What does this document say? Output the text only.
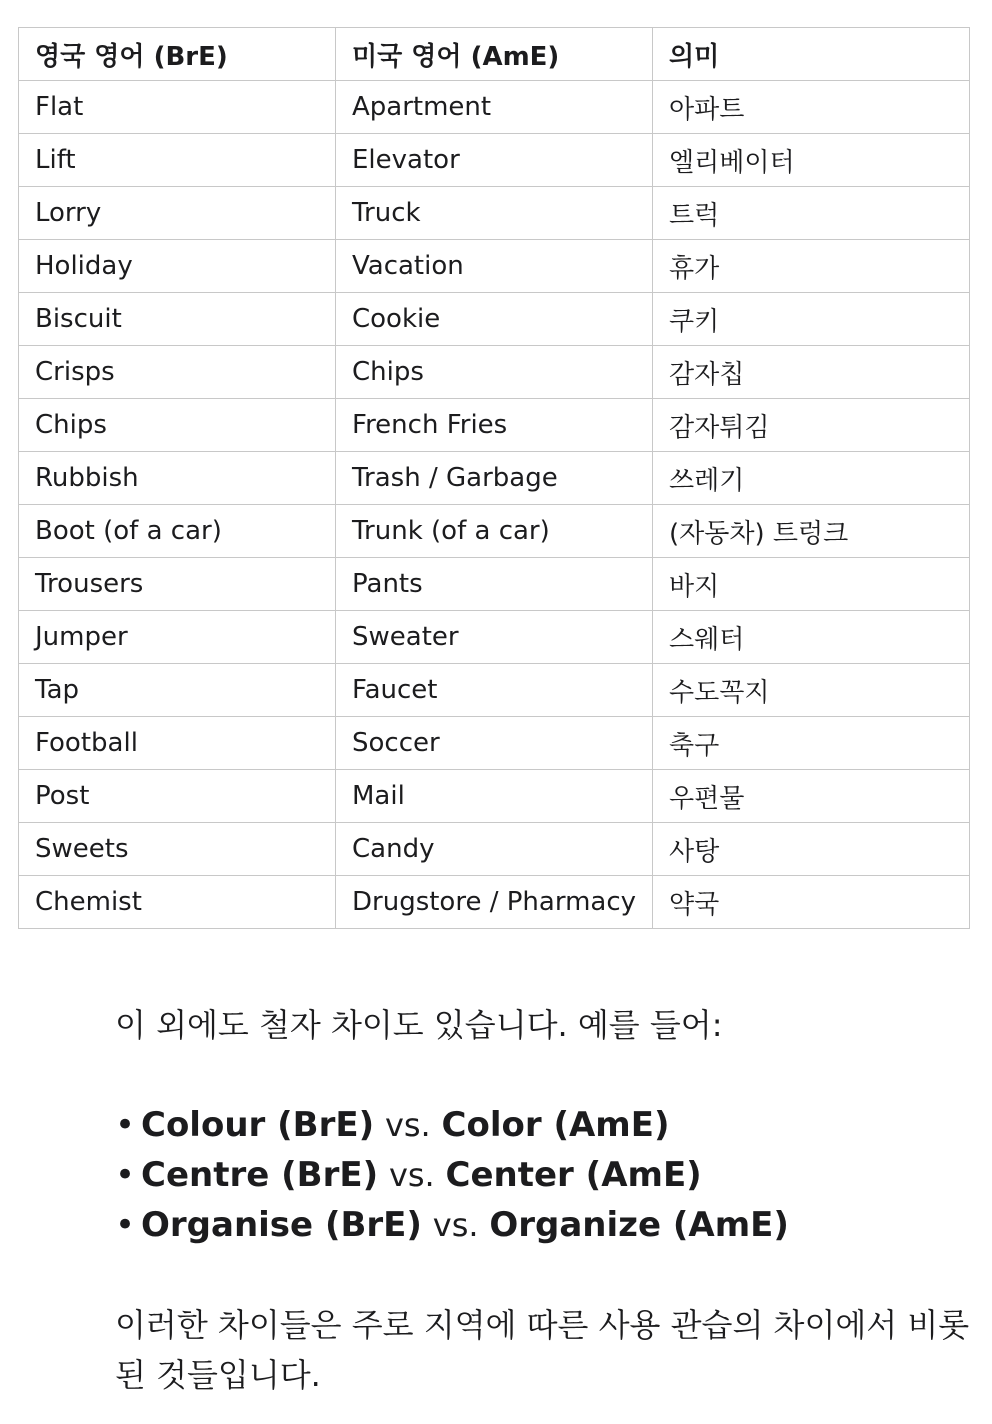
영국 영어 (BrE)	미국 영어 (AmE)	의미
Flat	Apartment	아파트
Lift	Elevator	엘리베이터
Lorry	Truck	트럭
Holiday	Vacation	휴가
Biscuit	Cookie	쿠키
Crisps	Chips	감자칩
Chips	French Fries	감자튀김
Rubbish	Trash / Garbage	쓰레기
Boot (of a car)	Trunk (of a car)	(자동차) 트렁크
Trousers	Pants	바지
Jumper	Sweater	스웨터
Tap	Faucet	수도꼭지
Football	Soccer	축구
Post	Mail	우편물
Sweets	Candy	사탕
Chemist	Drugstore / Pharmacy	약국
이 외에도 철자 차이도 있습니다. 예를 들어:
• Colour (BrE) vs. Color (AmE)
• Centre (BrE) vs. Center (AmE)
• Organise (BrE) vs. Organize (AmE)
이러한 차이들은 주로 지역에 따른 사용 관습의 차이에서 비롯된 것들입니다.
